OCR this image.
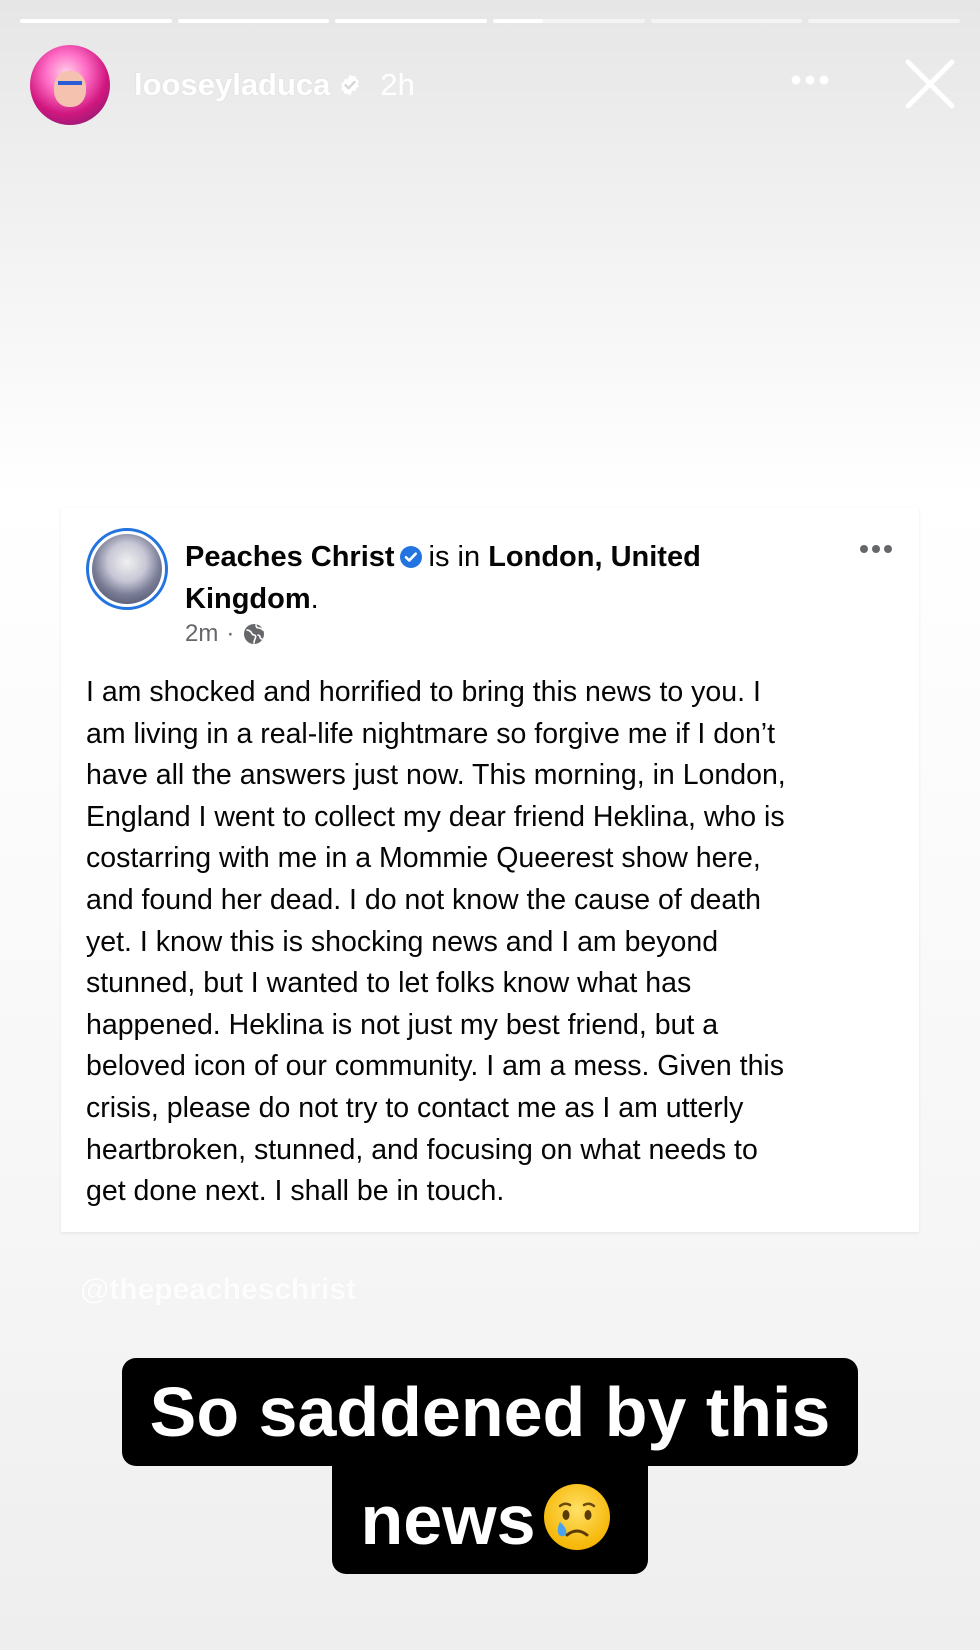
looseyladuca 2h
Peaches Christ is in London, United
Kingdom.
2m ·
I am shocked and horrified to bring this news to you. I
am living in a real-life nightmare so forgive me if I don’t
have all the answers just now. This morning, in London,
England I went to collect my dear friend Heklina, who is
costarring with me in a Mommie Queerest show here,
and found her dead. I do not know the cause of death
yet. I know this is shocking news and I am beyond
stunned, but I wanted to let folks know what has
happened. Heklina is not just my best friend, but a
beloved icon of our community. I am a mess. Given this
crisis, please do not try to contact me as I am utterly
heartbroken, stunned, and focusing on what needs to
get done next. I shall be in touch.
@thepeacheschrist
So saddened by this
news
